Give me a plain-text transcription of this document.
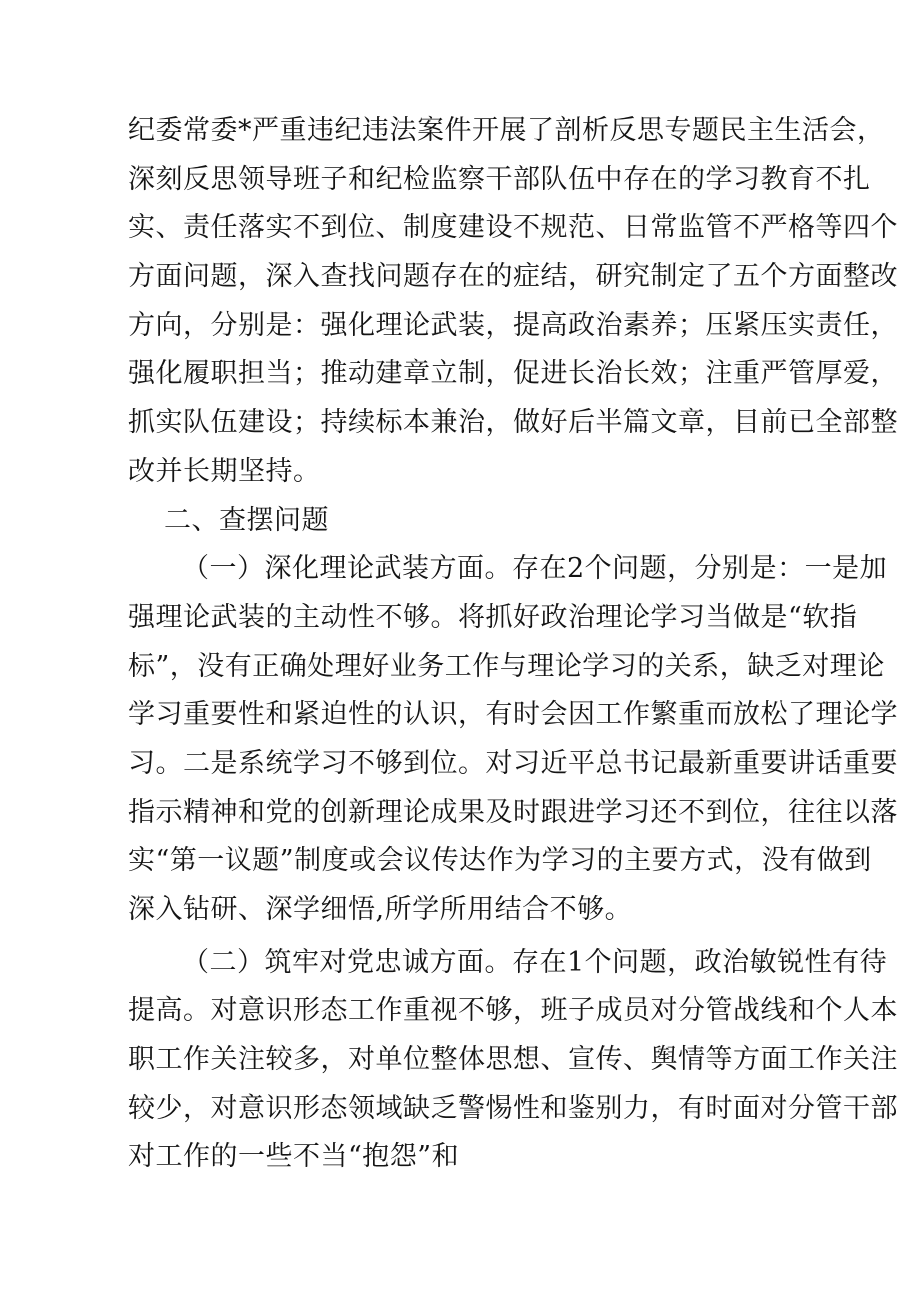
纪委常委*严重违纪违法案件开展了剖析反思专题民主生活会，
深刻反思领导班子和纪检监察干部队伍中存在的学习教育不扎
实、责任落实不到位、制度建设不规范、日常监管不严格等四个
方面问题，深入查找问题存在的症结，研究制定了五个方面整改
方向，分别是：强化理论武装，提高政治素养；压紧压实责任，
强化履职担当；推动建章立制，促进长治长效；注重严管厚爱，
抓实队伍建设；持续标本兼治，做好后半篇文章，目前已全部整
改并长期坚持。
二、查摆问题
（一）深化理论武装方面。存在2个问题，分别是：一是加
强理论武装的主动性不够。将抓好政治理论学习当做是“软指
标”，没有正确处理好业务工作与理论学习的关系，缺乏对理论
学习重要性和紧迫性的认识，有时会因工作繁重而放松了理论学
习。二是系统学习不够到位。对习近平总书记最新重要讲话重要
指示精神和党的创新理论成果及时跟进学习还不到位，往往以落
实“第一议题”制度或会议传达作为学习的主要方式，没有做到
深入钻研、深学细悟,所学所用结合不够。
（二）筑牢对党忠诚方面。存在1个问题，政治敏锐性有待
提高。对意识形态工作重视不够，班子成员对分管战线和个人本
职工作关注较多，对单位整体思想、宣传、舆情等方面工作关注
较少，对意识形态领域缺乏警惕性和鉴别力，有时面对分管干部
对工作的一些不当“抱怨”和
